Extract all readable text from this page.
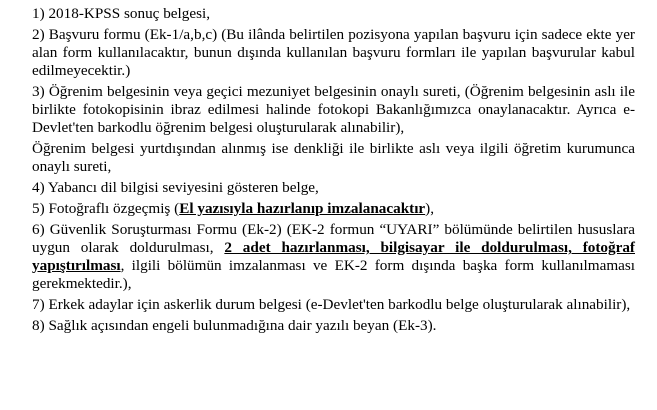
1) 2018-KPSS sonuç belgesi,

2) Başvuru formu (Ek-1/a,b,c) (Bu ilânda belirtilen pozisyona yapılan başvuru için sadece ekte yer alan form kullanılacaktır, bunun dışında kullanılan başvuru formları ile yapılan başvurular kabul edilmeyecektir.)

3) Öğrenim belgesinin veya geçici mezuniyet belgesinin onaylı sureti, (Öğrenim belgesinin aslı ile birlikte fotokopisinin ibraz edilmesi halinde fotokopi Bakanlığımızca onaylanacaktır. Ayrıca e-Devlet'ten barkodlu öğrenim belgesi oluşturularak alınabilir),

Öğrenim belgesi yurtdışından alınmış ise denkliği ile birlikte aslı veya ilgili öğretim kurumunca onaylı sureti,

4) Yabancı dil bilgisi seviyesini gösteren belge,

5) Fotoğraflı özgeçmiş (El yazısıyla hazırlanıp imzalanacaktır),

6) Güvenlik Soruşturması Formu (Ek-2) (EK-2 formun “UYARI” bölümünde belirtilen hususlara uygun olarak doldurulması, 2 adet hazırlanması, bilgisayar ile doldurulması, fotoğraf yapıştırılması, ilgili bölümün imzalanması ve EK-2 form dışında başka form kullanılmaması gerekmektedir.),

7) Erkek adaylar için askerlik durum belgesi (e-Devlet'ten barkodlu belge oluşturularak alınabilir),

8) Sağlık açısından engeli bulunmadığına dair yazılı beyan (Ek-3).
